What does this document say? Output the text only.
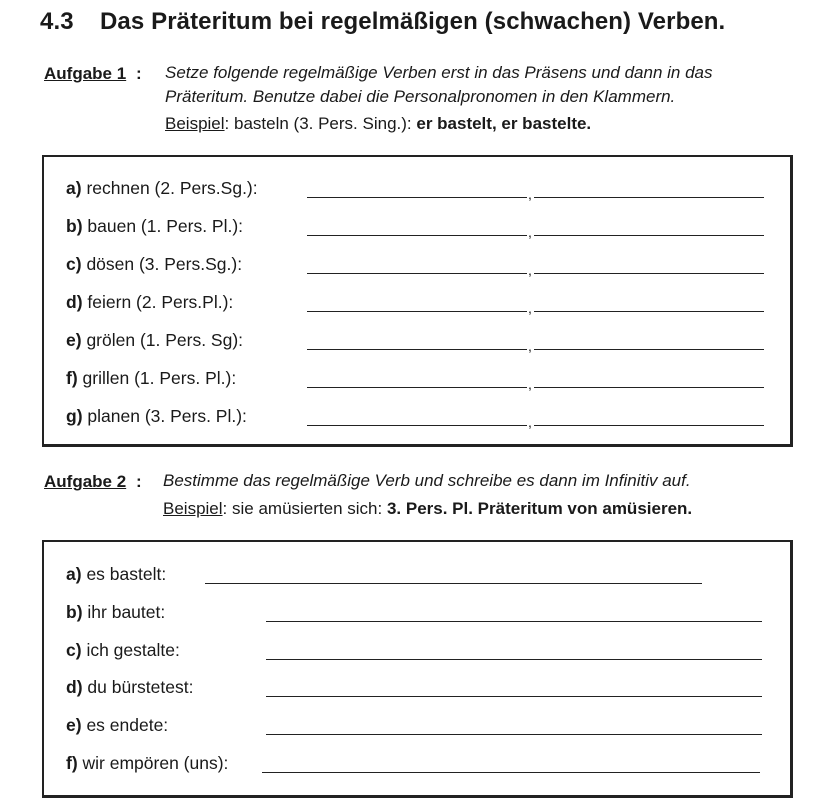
4.3 Das Präteritum bei regelmäßigen (schwachen) Verben.
Aufgabe 1 : Setze folgende regelmäßige Verben erst in das Präsens und dann in das
Präteritum. Benutze dabei die Personalpronomen in den Klammern.
Beispiel: basteln (3. Pers. Sing.): er bastelt, er bastelte.
a) rechnen (2. Pers.Sg.):	,
b) bauen (1. Pers. Pl.):	,
c) dösen (3. Pers.Sg.):	,
d) feiern (2. Pers.Pl.):	,
e) grölen (1. Pers. Sg):	,
f) grillen (1. Pers. Pl.):	,
g) planen (3. Pers. Pl.):	,
Aufgabe 2 : Bestimme das regelmäßige Verb und schreibe es dann im Infinitiv auf.
Beispiel: sie amüsierten sich: 3. Pers. Pl. Präteritum von amüsieren.
a) es bastelt:
b) ihr bautet:
c) ich gestalte:
d) du bürstetest:
e) es endete:
f) wir empören (uns):
